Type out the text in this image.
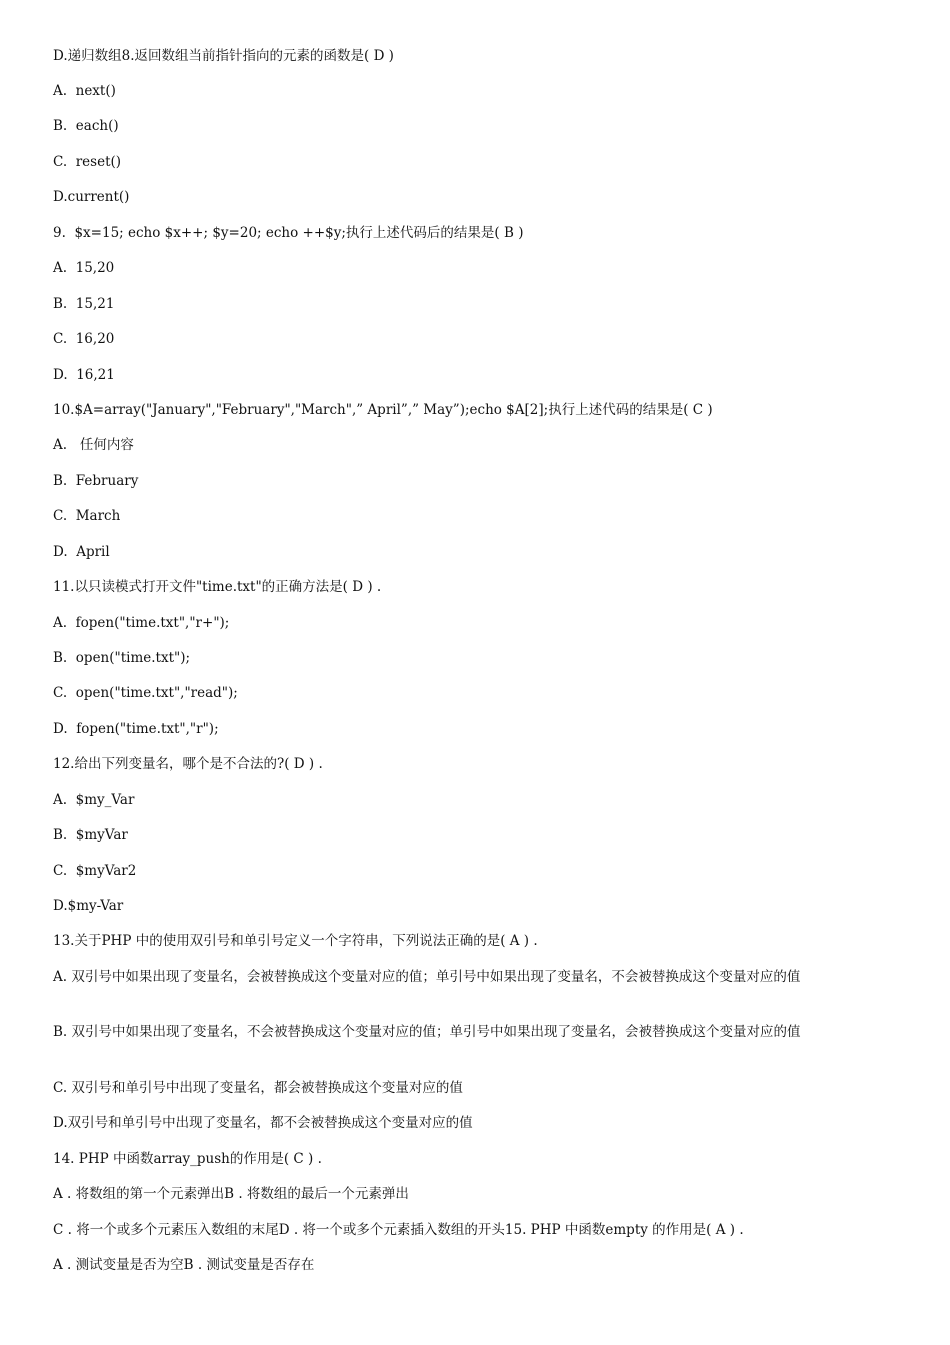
D.递归数组8.返回数组当前指针指向的元素的函数是( D )
A.  next()
B.  each()
C.  reset()
D.current()
9.  $x=15; echo $x++; $y=20; echo ++$y;执行上述代码后的结果是( B )
A.  15,20
B.  15,21
C.  16,20
D.  16,21
10.$A=array("January","February","March",” April”,” May”);echo $A[2];执行上述代码的结果是( C )
A.   任何内容
B.  February
C.  March
D.  April
11.以只读模式打开文件"time.txt"的正确方法是( D ) .
A.  fopen("time.txt","r+");
B.  open("time.txt");
C.  open("time.txt","read");
D.  fopen("time.txt","r");
12.给出下列变量名，哪个是不合法的?( D ) .
A.  $my_Var
B.  $myVar
C.  $myVar2
D.$my-Var
13.关于PHP 中的使用双引号和单引号定义一个字符串，下列说法正确的是( A ) .
A. 双引号中如果出现了变量名，会被替换成这个变量对应的值；单引号中如果出现了变量名，不会被替换成这个变量对应的值
B. 双引号中如果出现了变量名，不会被替换成这个变量对应的值；单引号中如果出现了变量名，会被替换成这个变量对应的值
C. 双引号和单引号中出现了变量名，都会被替换成这个变量对应的值
D.双引号和单引号中出现了变量名，都不会被替换成这个变量对应的值
14. PHP 中函数array_push的作用是( C ) .
A . 将数组的第一个元素弹出B . 将数组的最后一个元素弹出
C . 将一个或多个元素压入数组的末尾D . 将一个或多个元素插入数组的开头15. PHP 中函数empty 的作用是( A ) .
A . 测试变量是否为空B . 测试变量是否存在
